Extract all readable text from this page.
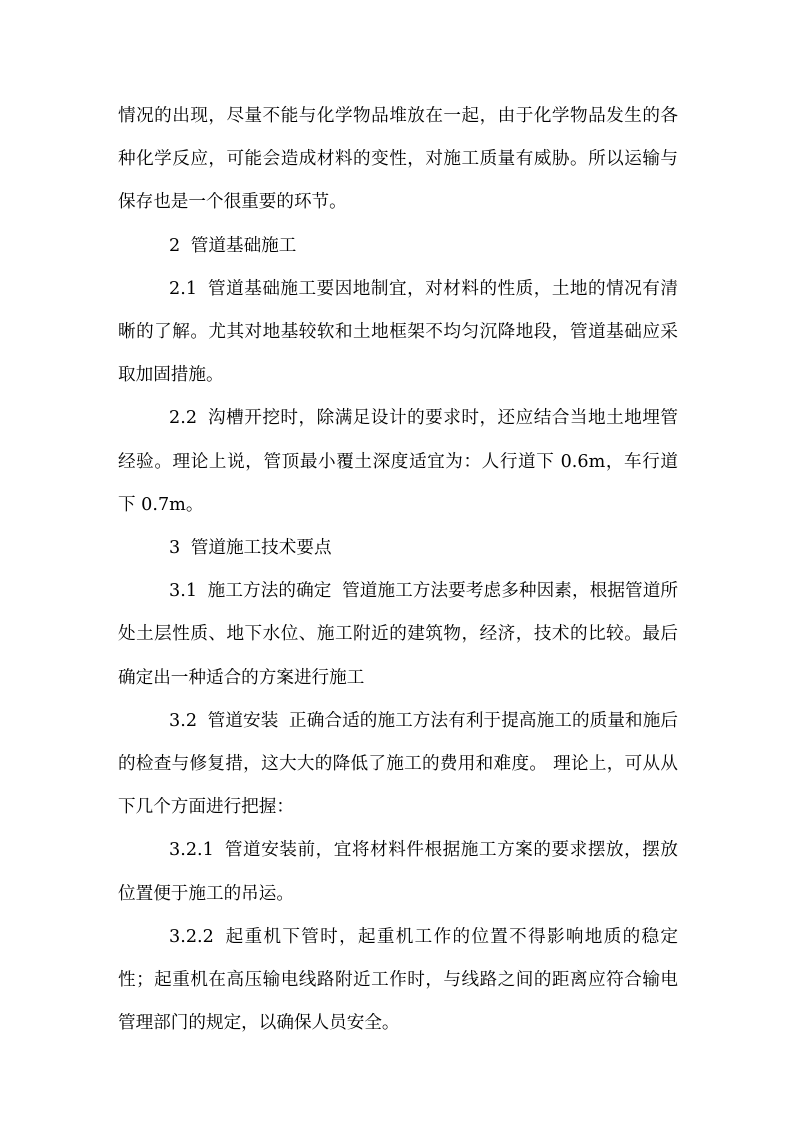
情况的出现，尽量不能与化学物品堆放在一起，由于化学物品发生的各种化学反应，可能会造成材料的变性，对施工质量有威胁。所以运输与保存也是一个很重要的环节。

2 管道基础施工

2.1 管道基础施工要因地制宜，对材料的性质，土地的情况有清晰的了解。尤其对地基较软和土地框架不均匀沉降地段，管道基础应采取加固措施。

2.2 沟槽开挖时，除满足设计的要求时，还应结合当地土地埋管经验。理论上说，管顶最小覆土深度适宜为：人行道下 0.6m，车行道下 0.7m。

3 管道施工技术要点

3.1 施工方法的确定 管道施工方法要考虑多种因素，根据管道所处土层性质、地下水位、施工附近的建筑物，经济，技术的比较。最后确定出一种适合的方案进行施工

3.2 管道安装 正确合适的施工方法有利于提高施工的质量和施后的检查与修复措，这大大的降低了施工的费用和难度。 理论上，可从从下几个方面进行把握：

3.2.1 管道安装前，宜将材料件根据施工方案的要求摆放，摆放位置便于施工的吊运。

3.2.2 起重机下管时，起重机工作的位置不得影响地质的稳定性；起重机在高压输电线路附近工作时，与线路之间的距离应符合输电管理部门的规定，以确保人员安全。
